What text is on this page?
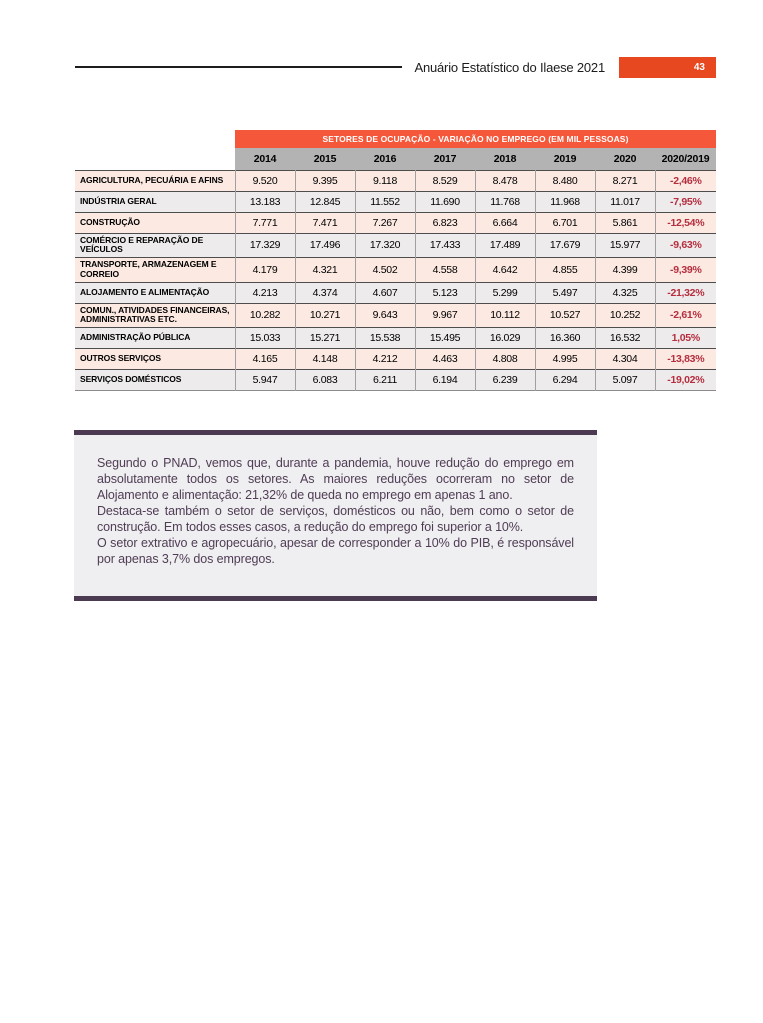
Anuário Estatístico do Ilaese 2021	43
	SETORES DE OCUPAÇÃO - VARIAÇÃO NO EMPREGO (EM MIL PESSOAS)							
	2014	2015	2016	2017	2018	2019	2020	2020/2019
AGRICULTURA, PECUÁRIA E AFINS	9.520	9.395	9.118	8.529	8.478	8.480	8.271	-2,46%
INDÚSTRIA GERAL	13.183	12.845	11.552	11.690	11.768	11.968	11.017	-7,95%
CONSTRUÇÃO	7.771	7.471	7.267	6.823	6.664	6.701	5.861	-12,54%
COMÉRCIO E REPARAÇÃO DE VEÍCULOS	17.329	17.496	17.320	17.433	17.489	17.679	15.977	-9,63%
TRANSPORTE, ARMAZENAGEM E CORREIO	4.179	4.321	4.502	4.558	4.642	4.855	4.399	-9,39%
ALOJAMENTO E ALIMENTAÇÃO	4.213	4.374	4.607	5.123	5.299	5.497	4.325	-21,32%
COMUN., ATIVIDADES FINANCEIRAS, ADMINISTRATIVAS ETC.	10.282	10.271	9.643	9.967	10.112	10.527	10.252	-2,61%
ADMINISTRAÇÃO PÚBLICA	15.033	15.271	15.538	15.495	16.029	16.360	16.532	1,05%
OUTROS SERVIÇOS	4.165	4.148	4.212	4.463	4.808	4.995	4.304	-13,83%
SERVIÇOS DOMÉSTICOS	5.947	6.083	6.211	6.194	6.239	6.294	5.097	-19,02%

Segundo o PNAD, vemos que, durante a pandemia, houve redução do emprego em absolutamente todos os setores. As maiores reduções ocorreram no setor de Alojamento e alimentação: 21,32% de queda no emprego em apenas 1 ano.

Destaca-se também o setor de serviços, domésticos ou não, bem como o setor de construção. Em todos esses casos, a redução do emprego foi superior a 10%.

O setor extrativo e agropecuário, apesar de corresponder a 10% do PIB, é responsável por apenas 3,7% dos empregos.
